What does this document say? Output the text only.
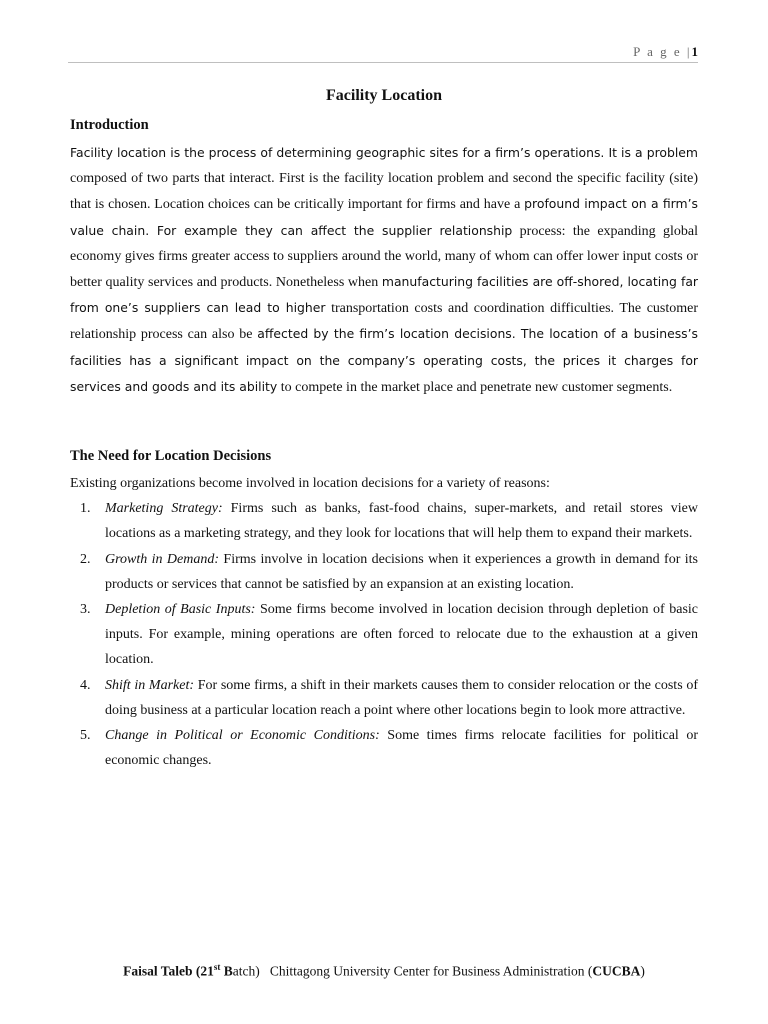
P a g e |1
Facility Location
Introduction
Facility location is the process of determining geographic sites for a firm’s operations. It is a problem composed of two parts that interact. First is the facility location problem and second the specific facility (site) that is chosen. Location choices can be critically important for firms and have a profound impact on a firm’s value chain. For example they can affect the supplier relationship process: the expanding global economy gives firms greater access to suppliers around the world, many of whom can offer lower input costs or better quality services and products. Nonetheless when manufacturing facilities are off-shored, locating far from one’s suppliers can lead to higher transportation costs and coordination difficulties. The customer relationship process can also be affected by the firm’s location decisions. The location of a business’s facilities has a significant impact on the company’s operating costs, the prices it charges for services and goods and its ability to compete in the market place and penetrate new customer segments.
The Need for Location Decisions
Existing organizations become involved in location decisions for a variety of reasons:
1. Marketing Strategy: Firms such as banks, fast-food chains, super-markets, and retail stores view locations as a marketing strategy, and they look for locations that will help them to expand their markets.
2. Growth in Demand: Firms involve in location decisions when it experiences a growth in demand for its products or services that cannot be satisfied by an expansion at an existing location.
3. Depletion of Basic Inputs: Some firms become involved in location decision through depletion of basic inputs. For example, mining operations are often forced to relocate due to the exhaustion at a given location.
4. Shift in Market: For some firms, a shift in their markets causes them to consider relocation or the costs of doing business at a particular location reach a point where other locations begin to look more attractive.
5. Change in Political or Economic Conditions: Some times firms relocate facilities for political or economic changes.
Faisal Taleb (21st Batch) Chittagong University Center for Business Administration (CUCBA)
